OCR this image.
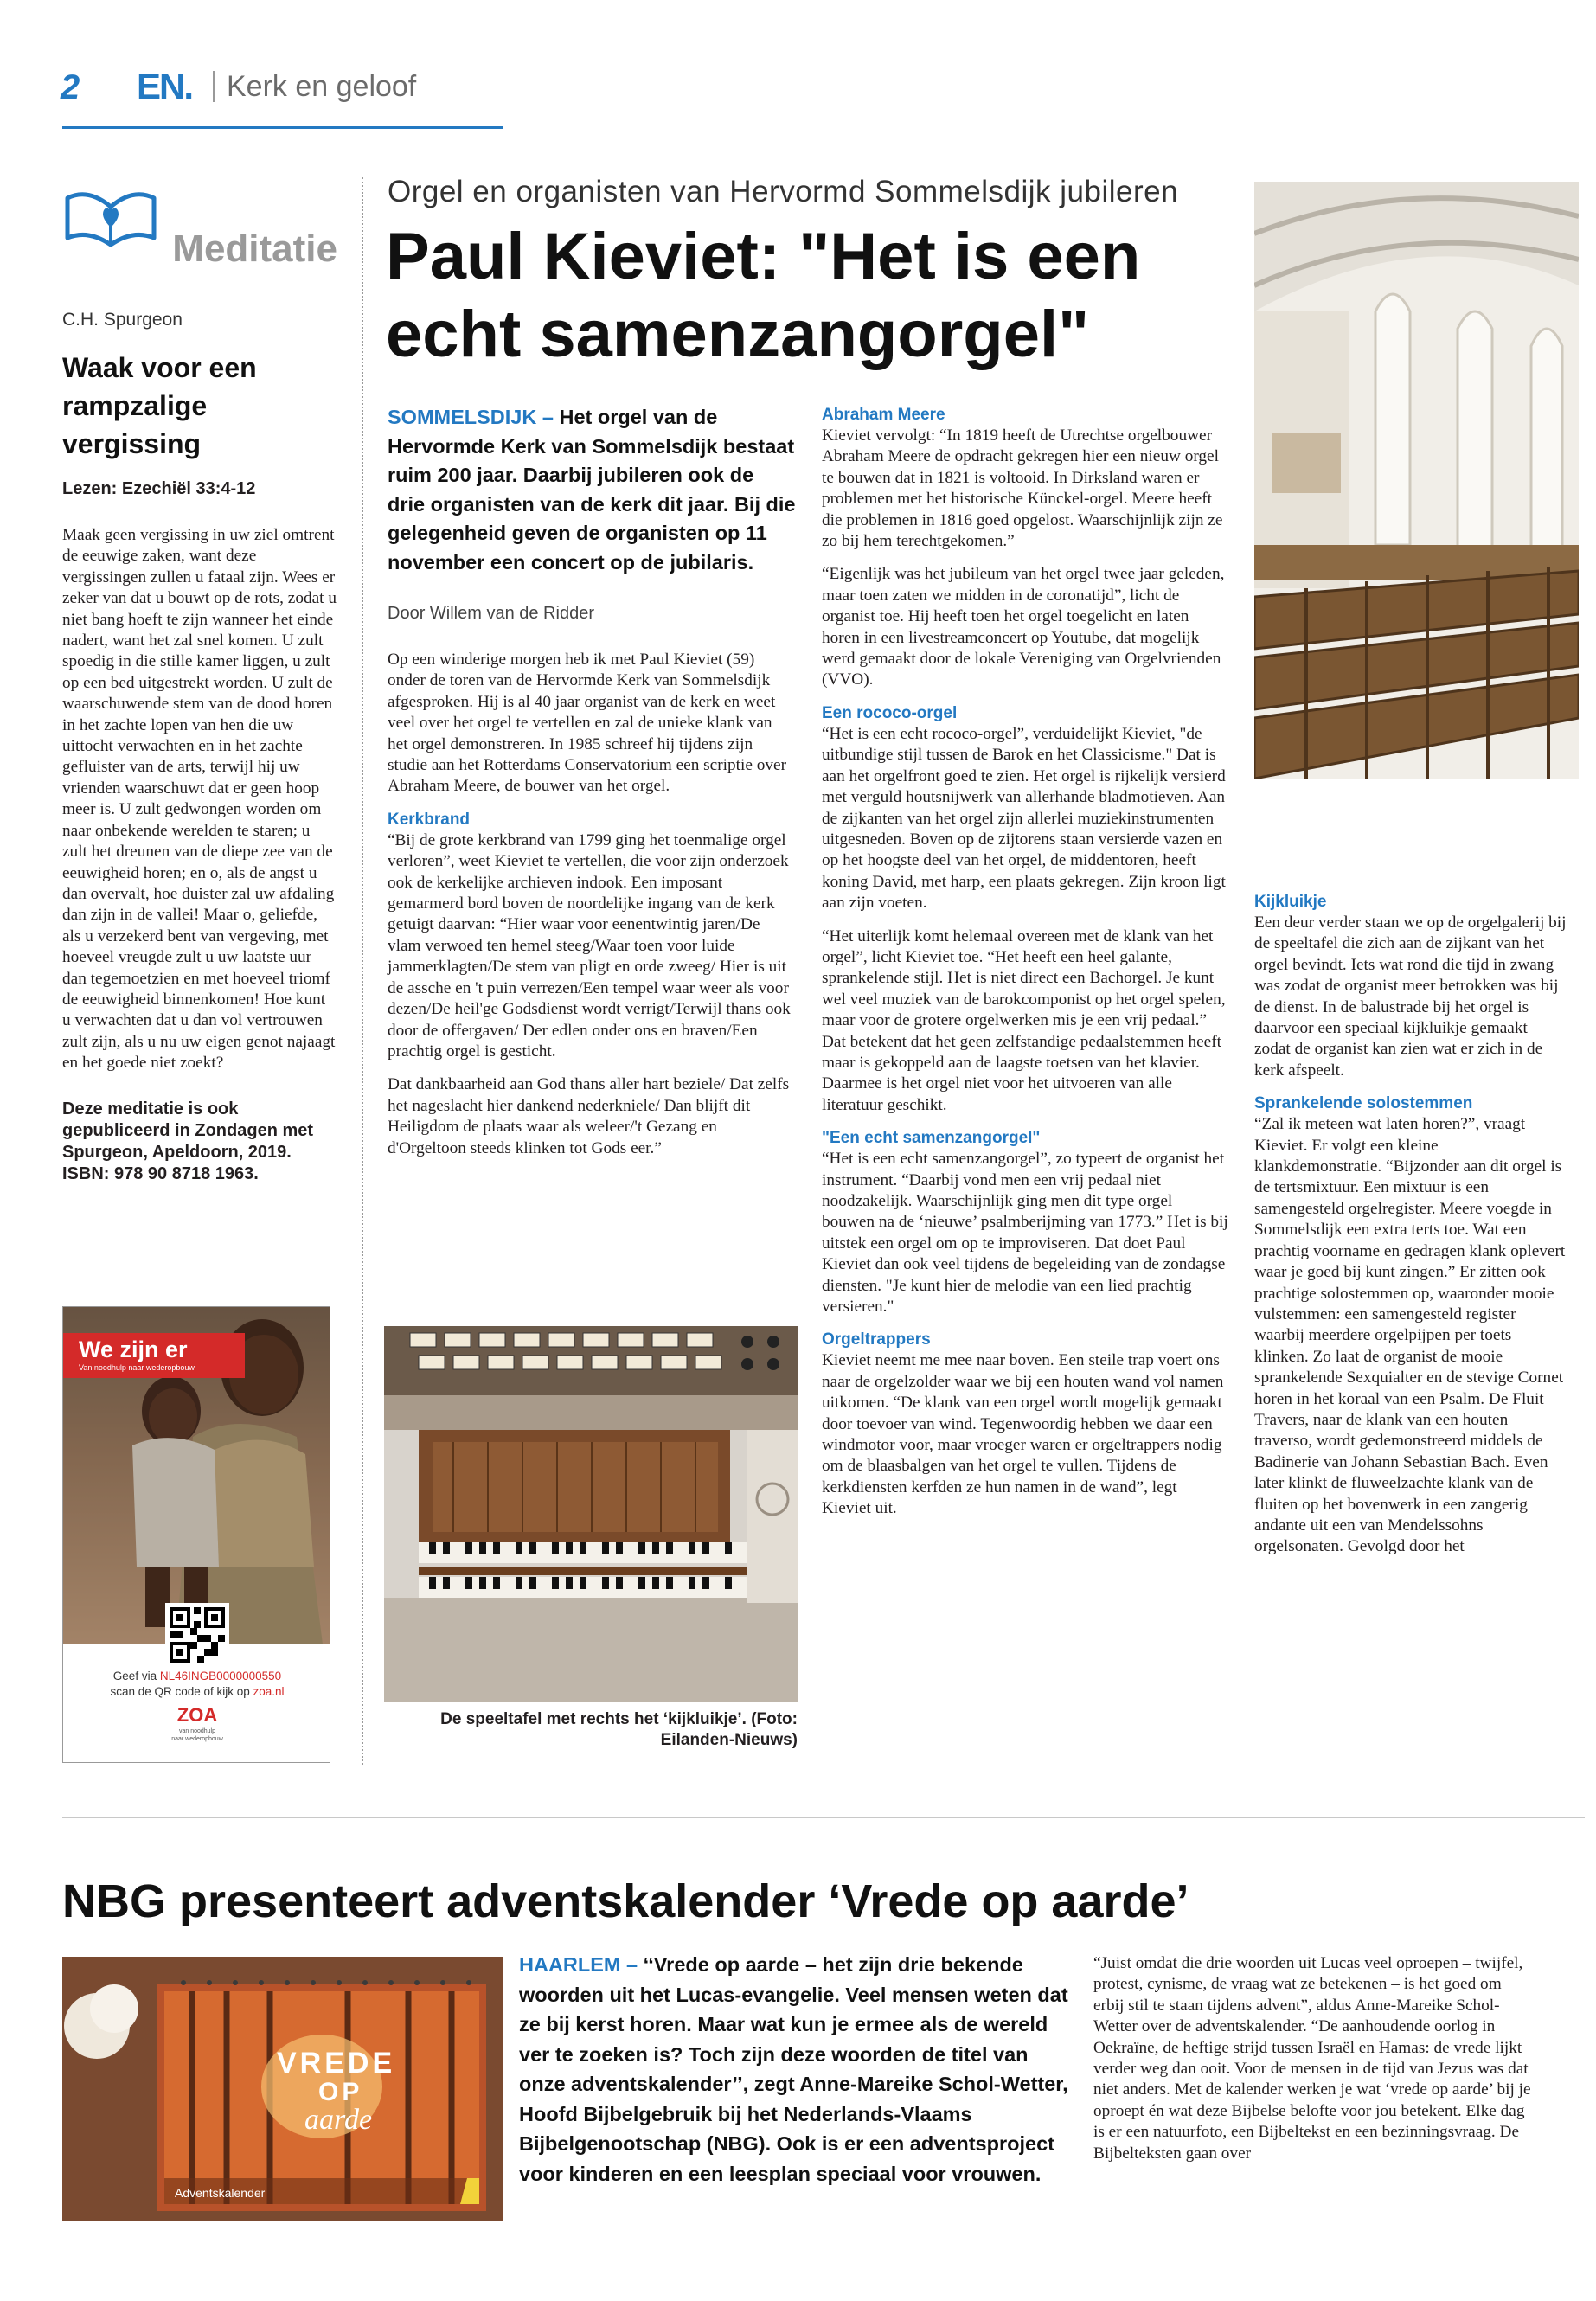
2 EN. Kerk en geloof
Meditatie
C.H. Spurgeon
Waak voor een rampzalige vergissing
Lezen: Ezechiël 33:4-12
Maak geen vergissing in uw ziel omtrent de eeuwige zaken, want deze vergissingen zullen u fataal zijn. Wees er zeker van dat u bouwt op de rots, zodat u niet bang hoeft te zijn wanneer het einde nadert, want het zal snel komen. U zult spoedig in die stille kamer liggen, u zult op een bed uitgestrekt worden. U zult de waarschuwende stem van de dood horen in het zachte lopen van hen die uw uittocht verwachten en in het zachte gefluister van de arts, terwijl hij uw vrienden waarschuwt dat er geen hoop meer is. U zult gedwongen worden om naar onbekende werelden te staren; u zult het dreunen van de diepe zee van de eeuwigheid horen; en o, als de angst u dan overvalt, hoe duister zal uw afdaling dan zijn in de vallei! Maar o, geliefde, als u verzekerd bent van vergeving, met hoeveel vreugde zult u uw laatste uur dan tegemoetzien en met hoeveel triomf de eeuwigheid binnenkomen! Hoe kunt u verwachten dat u dan vol vertrouwen zult zijn, als u nu uw eigen genot najaagt en het goede niet zoekt?
Deze meditatie is ook gepubliceerd in Zondagen met Spurgeon, Apeldoorn, 2019. ISBN: 978 90 8718 1963.
We zijn er
Van noodhulp naar wederopbouw
Geef via NL46INGB0000000550
scan de QR code of kijk op zoa.nl
ZOA
van noodhulp
naar wederopbouw
Orgel en organisten van Hervormd Sommelsdijk jubileren
Paul Kieviet: "Het is een echt samenzangorgel"
SOMMELSDIJK – Het orgel van de Hervormde Kerk van Sommelsdijk bestaat ruim 200 jaar. Daarbij jubileren ook de drie organisten van de kerk dit jaar. Bij die gelegenheid geven de organisten op 11 november een concert op de jubilaris.
Door Willem van de Ridder

Op een winderige morgen heb ik met Paul Kieviet (59) onder de toren van de Hervormde Kerk van Sommelsdijk afgesproken. Hij is al 40 jaar organist van de kerk en weet veel over het orgel te vertellen en zal de unieke klank van het orgel demonstreren. In 1985 schreef hij tijdens zijn studie aan het Rotterdams Conservatorium een scriptie over Abraham Meere, de bouwer van het orgel.

Kerkbrand

“Bij de grote kerkbrand van 1799 ging het toenmalige orgel verloren”, weet Kieviet te vertellen, die voor zijn onderzoek ook de kerkelijke archieven indook. Een imposant gemarmerd bord boven de noordelijke ingang van de kerk getuigt daarvan: “Hier waar voor eenentwintig jaren/De vlam verwoed ten hemel steeg/Waar toen voor luide jammerklagten/De stem van pligt en orde zweeg/ Hier is uit de assche en 't puin verrezen/Een tempel waar weer als voor dezen/De heil'ge Godsdienst wordt verrigt/Terwijl thans ook door de offergaven/ Der edlen onder ons en braven/Een prachtig orgel is gesticht.

Dat dankbaarheid aan God thans aller hart beziele/ Dat zelfs het nageslacht hier dankend nederkniele/ Dan blijft dit Heiligdom de plaats waar als weleer/'t Gezang en d'Orgeltoon steeds klinken tot Gods eer.”

De speeltafel met rechts het ‘kijkluikje’. (Foto: Eilanden-Nieuws)
Abraham Meere

Kieviet vervolgt: “In 1819 heeft de Utrechtse orgelbouwer Abraham Meere de opdracht gekregen hier een nieuw orgel te bouwen dat in 1821 is voltooid. In Dirksland waren er problemen met het historische Künckel-orgel. Meere heeft die problemen in 1816 goed opgelost. Waarschijnlijk zijn ze zo bij hem terechtgekomen.”

“Eigenlijk was het jubileum van het orgel twee jaar geleden, maar toen zaten we midden in de coronatijd”, licht de organist toe. Hij heeft toen het orgel toegelicht en laten horen in een livestreamconcert op Youtube, dat mogelijk werd gemaakt door de lokale Vereniging van Orgelvrienden (VVO).

Een rococo-orgel

“Het is een echt rococo-orgel”, verduidelijkt Kieviet, "de uitbundige stijl tussen de Barok en het Classicisme." Dat is aan het orgelfront goed te zien. Het orgel is rijkelijk versierd met verguld houtsnijwerk van allerhande bladmotieven. Aan de zijkanten van het orgel zijn allerlei muziekinstrumenten uitgesneden. Boven op de zijtorens staan versierde vazen en op het hoogste deel van het orgel, de middentoren, heeft koning David, met harp, een plaats gekregen. Zijn kroon ligt aan zijn voeten.

“Het uiterlijk komt helemaal overeen met de klank van het orgel”, licht Kieviet toe. “Het heeft een heel galante, sprankelende stijl. Het is niet direct een Bachorgel. Je kunt wel veel muziek van de barokcomponist op het orgel spelen, maar voor de grotere orgelwerken mis je een vrij pedaal.” Dat betekent dat het geen zelfstandige pedaalstemmen heeft maar is gekoppeld aan de laagste toetsen van het klavier. Daarmee is het orgel niet voor het uitvoeren van alle literatuur geschikt.

"Een echt samenzangorgel"

“Het is een echt samenzangorgel”, zo typeert de organist het instrument. “Daarbij vond men een vrij pedaal niet noodzakelijk. Waarschijnlijk ging men dit type orgel bouwen na de ‘nieuwe’ psalmberijming van 1773.” Het is bij uitstek een orgel om op te improviseren. Dat doet Paul Kieviet dan ook veel tijdens de begeleiding van de zondagse diensten. "Je kunt hier de melodie van een lied prachtig versieren."

Orgeltrappers

Kieviet neemt me mee naar boven. Een steile trap voert ons naar de orgelzolder waar we bij een houten wand vol namen uitkomen. “De klank van een orgel wordt mogelijk gemaakt door toevoer van wind. Tegenwoordig hebben we daar een windmotor voor, maar vroeger waren er orgeltrappers nodig om de blaasbalgen van het orgel te vullen. Tijdens de kerkdiensten kerfden ze hun namen in de wand”, legt Kieviet uit.

Kijkluikje

Een deur verder staan we op de orgelgalerij bij de speeltafel die zich aan de zijkant van het orgel bevindt. Iets wat rond die tijd in zwang was zodat de organist meer betrokken was bij de dienst. In de balustrade bij het orgel is daarvoor een speciaal kijkluikje gemaakt zodat de organist kan zien wat er zich in de kerk afspeelt.

Sprankelende solostemmen

“Zal ik meteen wat laten horen?”, vraagt Kieviet. Er volgt een kleine klankdemonstratie. “Bijzonder aan dit orgel is de tertsmixtuur. Een mixtuur is een samengesteld orgelregister. Meere voegde in Sommelsdijk een extra terts toe. Wat een prachtig voorname en gedragen klank oplevert waar je goed bij kunt zingen.” Er zitten ook prachtige solostemmen op, waaronder mooie vulstemmen: een samengesteld register waarbij meerdere orgelpijpen per toets klinken. Zo laat de organist de mooie sprankelende Sexquialter en de stevige Cornet horen in het koraal van een Psalm. De Fluit Travers, naar de klank van een houten traverso, wordt gedemonstreerd middels de Badinerie van Johann Sebastian Bach. Even later klinkt de fluweelzachte klank van de fluiten op het bovenwerk in een zangerig andante uit een van Mendelssohns orgelsonaten. Gevolgd door het

NBG presenteert adventskalender ‘Vrede op aarde’
VREDE
OP
aarde
Adventskalender
HAARLEM – ‘‘Vrede op aarde – het zijn drie bekende woorden uit het Lucas-evangelie. Veel mensen weten dat ze bij kerst horen. Maar wat kun je ermee als de wereld ver te zoeken is? Toch zijn deze woorden de titel van onze adventskalender’’, zegt Anne-Mareike Schol-Wetter, Hoofd Bijbelgebruik bij het Nederlands-Vlaams Bijbelgenootschap (NBG). Ook is er een adventsproject voor kinderen en een leesplan speciaal voor vrouwen.
“Juist omdat die drie woorden uit Lucas veel oproepen – twijfel, protest, cynisme, de vraag wat ze betekenen – is het goed om erbij stil te staan tijdens advent”, aldus Anne-Mareike Schol-Wetter over de adventskalender. “De aanhoudende oorlog in Oekraïne, de heftige strijd tussen Israël en Hamas: de vrede lijkt verder weg dan ooit. Voor de mensen in de tijd van Jezus was dat niet anders. Met de kalender werken je wat ‘vrede op aarde’ bij je oproept én wat deze Bijbelse belofte voor jou betekent. Elke dag is er een natuurfoto, een Bijbeltekst en een bezinningsvraag. De Bijbelteksten gaan over
